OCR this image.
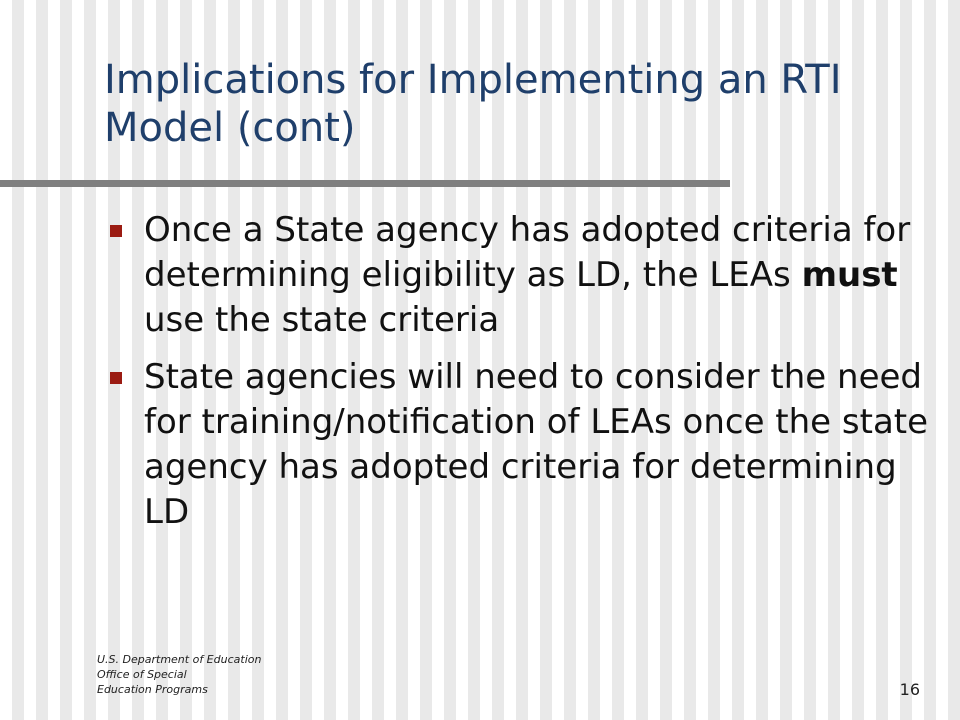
Implications for Implementing an RTI Model (cont)
Once a State agency has adopted criteria for determining eligibility as LD, the LEAs must use the state criteria
State agencies will need to consider the need for training/notification of LEAs once the state agency has adopted criteria for determining LD
U.S. Department of Education
Office of Special
Education Programs	16
